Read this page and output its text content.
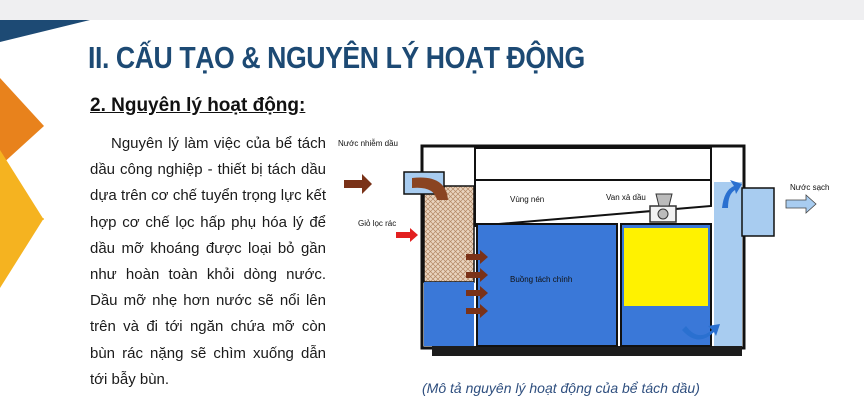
II. CẤU TẠO & NGUYÊN LÝ HOẠT ĐỘNG
2. Nguyên lý hoạt động:

Nguyên lý làm việc của bể tách dầu công nghiệp - thiết bị tách dầu dựa trên cơ chế tuyển trọng lực kết hợp cơ chế lọc hấp phụ hóa lý để dầu mỡ khoáng được loại bỏ gần như hoàn toàn khỏi dòng nước. Dầu mỡ nhẹ hơn nước sẽ nổi lên trên và đi tới ngăn chứa mỡ còn bùn rác nặng sẽ chìm xuống dẫn tới bẫy bùn.

Nước nhiễm dầu
Giỏ lọc rác
Vùng nén	Van xả dầu
Buồng tách chính
Nước sạch

(Mô tả nguyên lý hoạt động của bể tách dầu)
